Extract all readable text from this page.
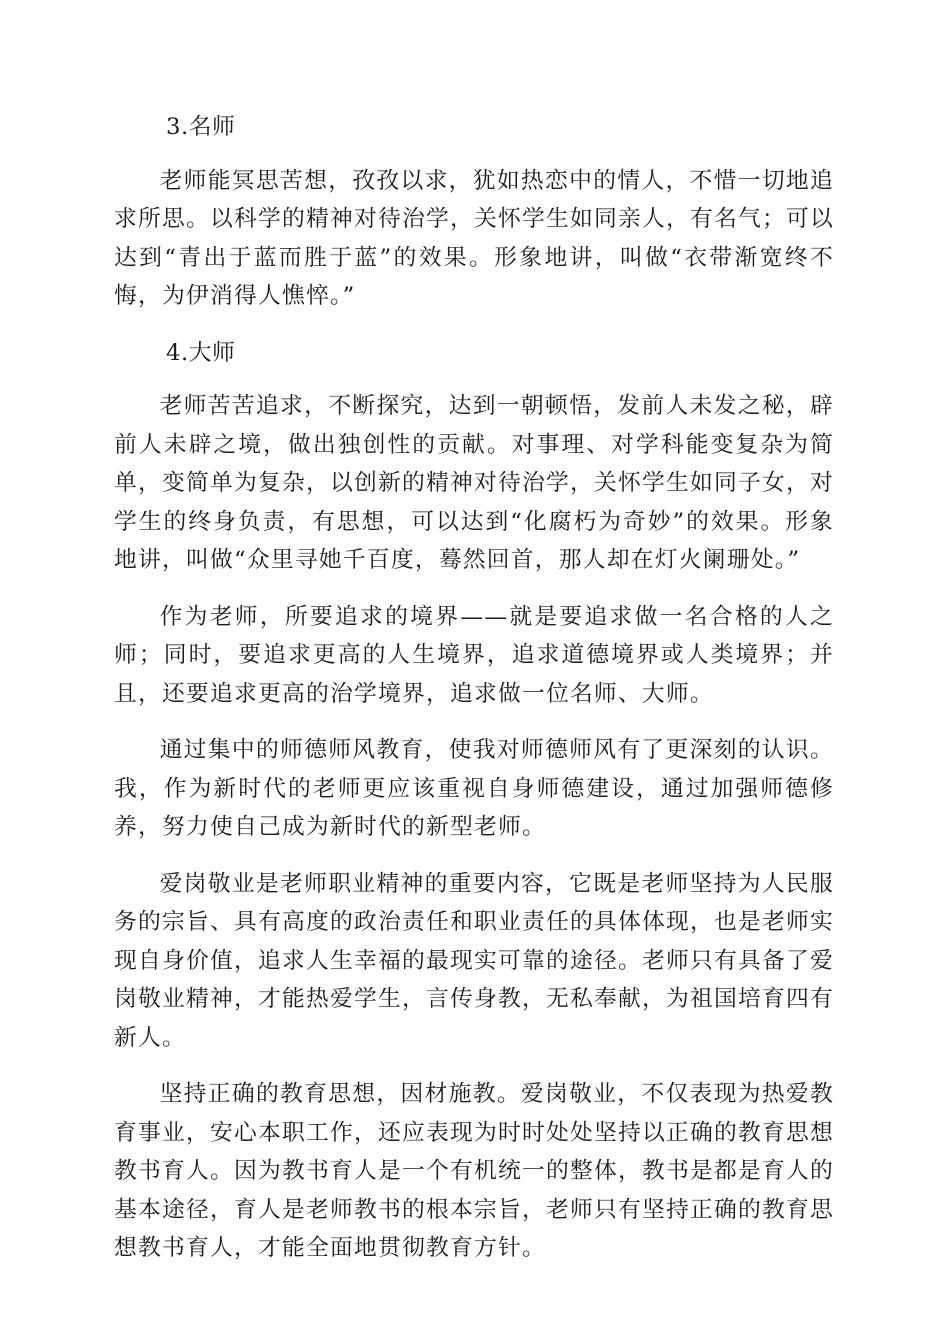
3.名师

老师能冥思苦想，孜孜以求，犹如热恋中的情人，不惜一切地追求所思。以科学的精神对待治学，关怀学生如同亲人，有名气；可以达到“青出于蓝而胜于蓝”的效果。形象地讲，叫做“衣带渐宽终不悔，为伊消得人憔悴。”

4.大师

老师苦苦追求，不断探究，达到一朝顿悟，发前人未发之秘，辟前人未辟之境，做出独创性的贡献。对事理、对学科能变复杂为简单，变简单为复杂，以创新的精神对待治学，关怀学生如同子女，对学生的终身负责，有思想，可以达到“化腐朽为奇妙”的效果。形象地讲，叫做“众里寻她千百度，蓦然回首，那人却在灯火阑珊处。”

作为老师，所要追求的境界——就是要追求做一名合格的人之师；同时，要追求更高的人生境界，追求道德境界或人类境界；并且，还要追求更高的治学境界，追求做一位名师、大师。

通过集中的师德师风教育，使我对师德师风有了更深刻的认识。我，作为新时代的老师更应该重视自身师德建设，通过加强师德修养，努力使自己成为新时代的新型老师。

爱岗敬业是老师职业精神的重要内容，它既是老师坚持为人民服务的宗旨、具有高度的政治责任和职业责任的具体体现，也是老师实现自身价值，追求人生幸福的最现实可靠的途径。老师只有具备了爱岗敬业精神，才能热爱学生，言传身教，无私奉献，为祖国培育四有新人。

坚持正确的教育思想，因材施教。爱岗敬业，不仅表现为热爱教育事业，安心本职工作，还应表现为时时处处坚持以正确的教育思想教书育人。因为教书育人是一个有机统一的整体，教书是都是育人的基本途径，育人是老师教书的根本宗旨，老师只有坚持正确的教育思想教书育人，才能全面地贯彻教育方针。
